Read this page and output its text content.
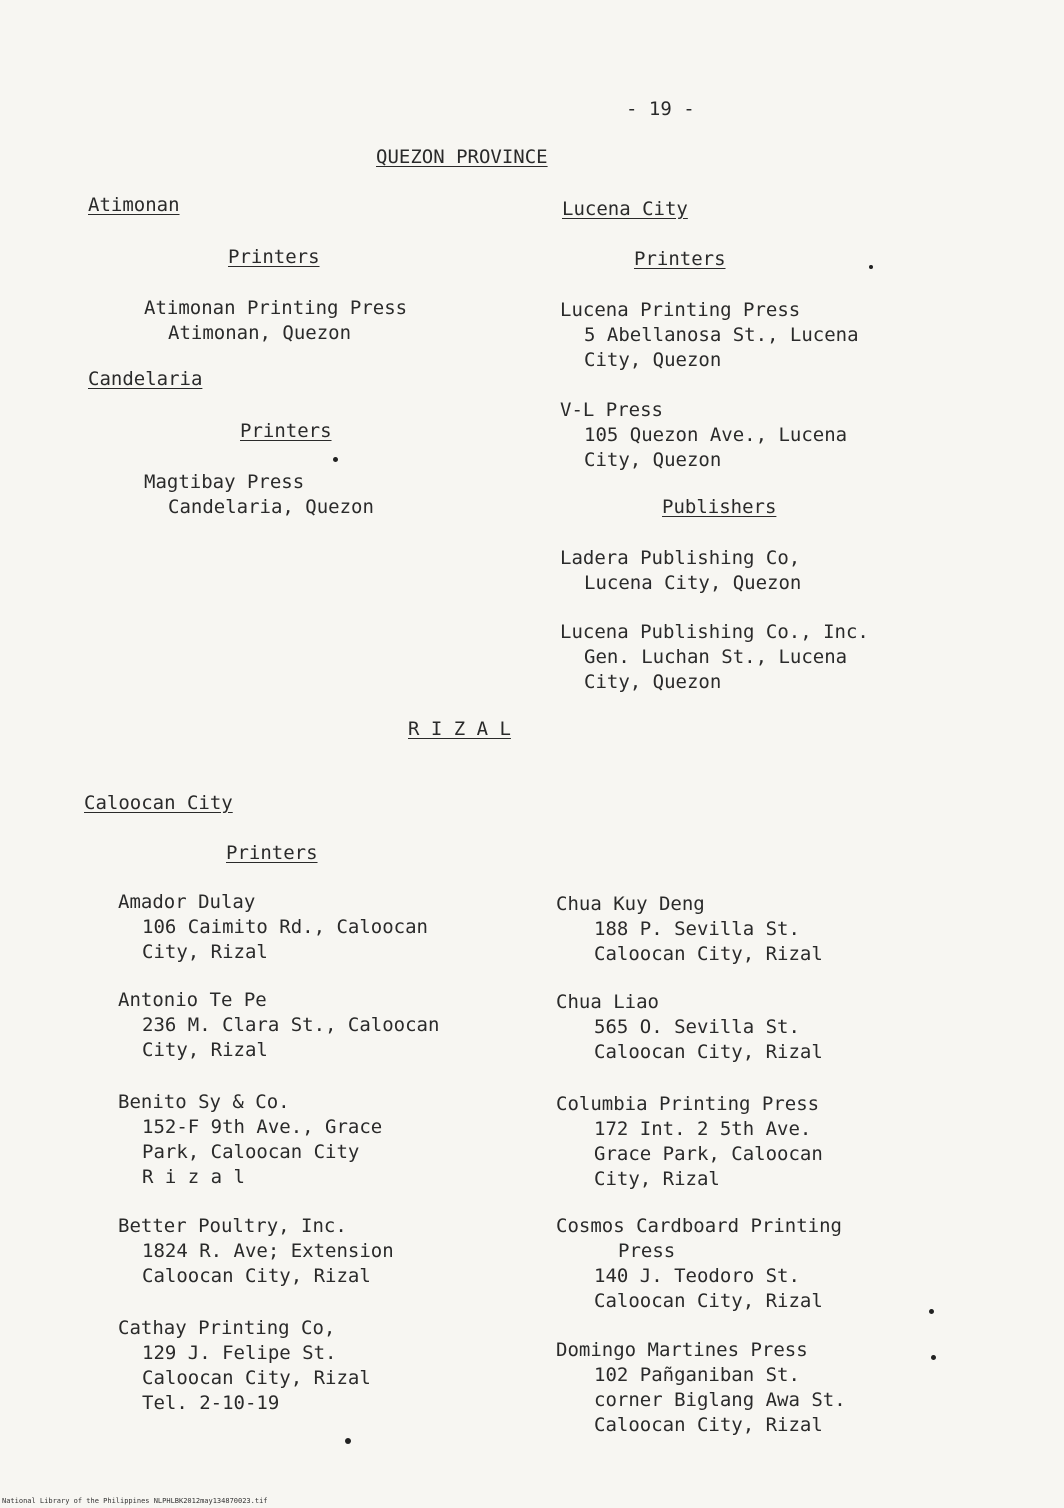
- 19 -
QUEZON PROVINCE
Atimonan
Printers
Atimonan Printing Press
Atimonan, Quezon
Candelaria
Printers
Magtibay Press
Candelaria, Quezon
Lucena City
Printers
Lucena Printing Press
5 Abellanosa St., Lucena
City, Quezon
V-L Press
105 Quezon Ave., Lucena
City, Quezon
Publishers
Ladera Publishing Co,
Lucena City, Quezon
Lucena Publishing Co., Inc.
Gen. Luchan St., Lucena
City, Quezon
R I Z A L
Caloocan City
Printers
Amador Dulay
106 Caimito Rd., Caloocan
City, Rizal
Antonio Te Pe
236 M. Clara St., Caloocan
City, Rizal
Benito Sy & Co.
152-F 9th Ave., Grace
Park, Caloocan City
R i z a l
Better Poultry, Inc.
1824 R. Ave; Extension
Caloocan City, Rizal
Cathay Printing Co,
129 J. Felipe St.
Caloocan City, Rizal
Tel. 2-10-19
Chua Kuy Deng
188 P. Sevilla St.
Caloocan City, Rizal
Chua Liao
565 O. Sevilla St.
Caloocan City, Rizal
Columbia Printing Press
172 Int. 2 5th Ave.
Grace Park, Caloocan
City, Rizal
Cosmos Cardboard Printing
Press
140 J. Teodoro St.
Caloocan City, Rizal
Domingo Martines Press
102 Pañganiban St.
corner Biglang Awa St.
Caloocan City, Rizal
National Library of the Philippines NLPHLBK2012may134870023.tif
